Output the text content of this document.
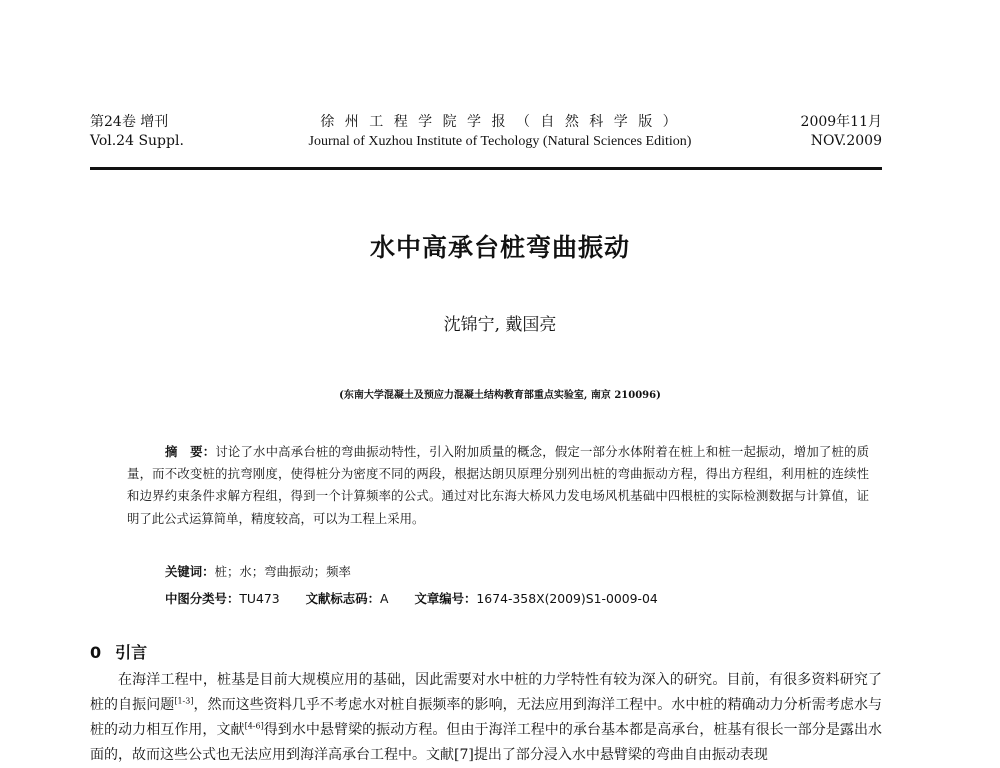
第24卷 增刊
Vol.24 Suppl.
徐 州 工 程 学 院 学 报 （ 自 然 科 学 版 ）
Journal of Xuzhou Institute of Techology (Natural Sciences Edition)
2009年11月
NOV.2009
水中高承台桩弯曲振动
沈锦宁, 戴国亮
(东南大学混凝土及预应力混凝土结构教育部重点实验室, 南京 210096)
摘　要：讨论了水中高承台桩的弯曲振动特性，引入附加质量的概念，假定一部分水体附着在桩上和桩一起振动，增加了桩的质量，而不改变桩的抗弯刚度，使得桩分为密度不同的两段，根据达朗贝原理分别列出桩的弯曲振动方程，得出方程组，利用桩的连续性和边界约束条件求解方程组，得到一个计算频率的公式。通过对比东海大桥风力发电场风机基础中四根桩的实际检测数据与计算值，证明了此公式运算简单，精度较高，可以为工程上采用。
关键词：桩；水；弯曲振动；频率
中图分类号：TU473 文献标志码：A 文章编号：1674-358X(2009)S1-0009-04
0 引言
在海洋工程中，桩基是目前大规模应用的基础，因此需要对水中桩的力学特性有较为深入的研究。目前，有很多资料研究了桩的自振问题[1-3]，然而这些资料几乎不考虑水对桩自振频率的影响，无法应用到海洋工程中。水中桩的精确动力分析需考虑水与桩的动力相互作用，文献[4-6]得到水中悬臂梁的振动方程。但由于海洋工程中的承台基本都是高承台，桩基有很长一部分是露出水面的，故而这些公式也无法应用到海洋高承台工程中。文献[7]提出了部分浸入水中悬臂梁的弯曲自由振动表现
